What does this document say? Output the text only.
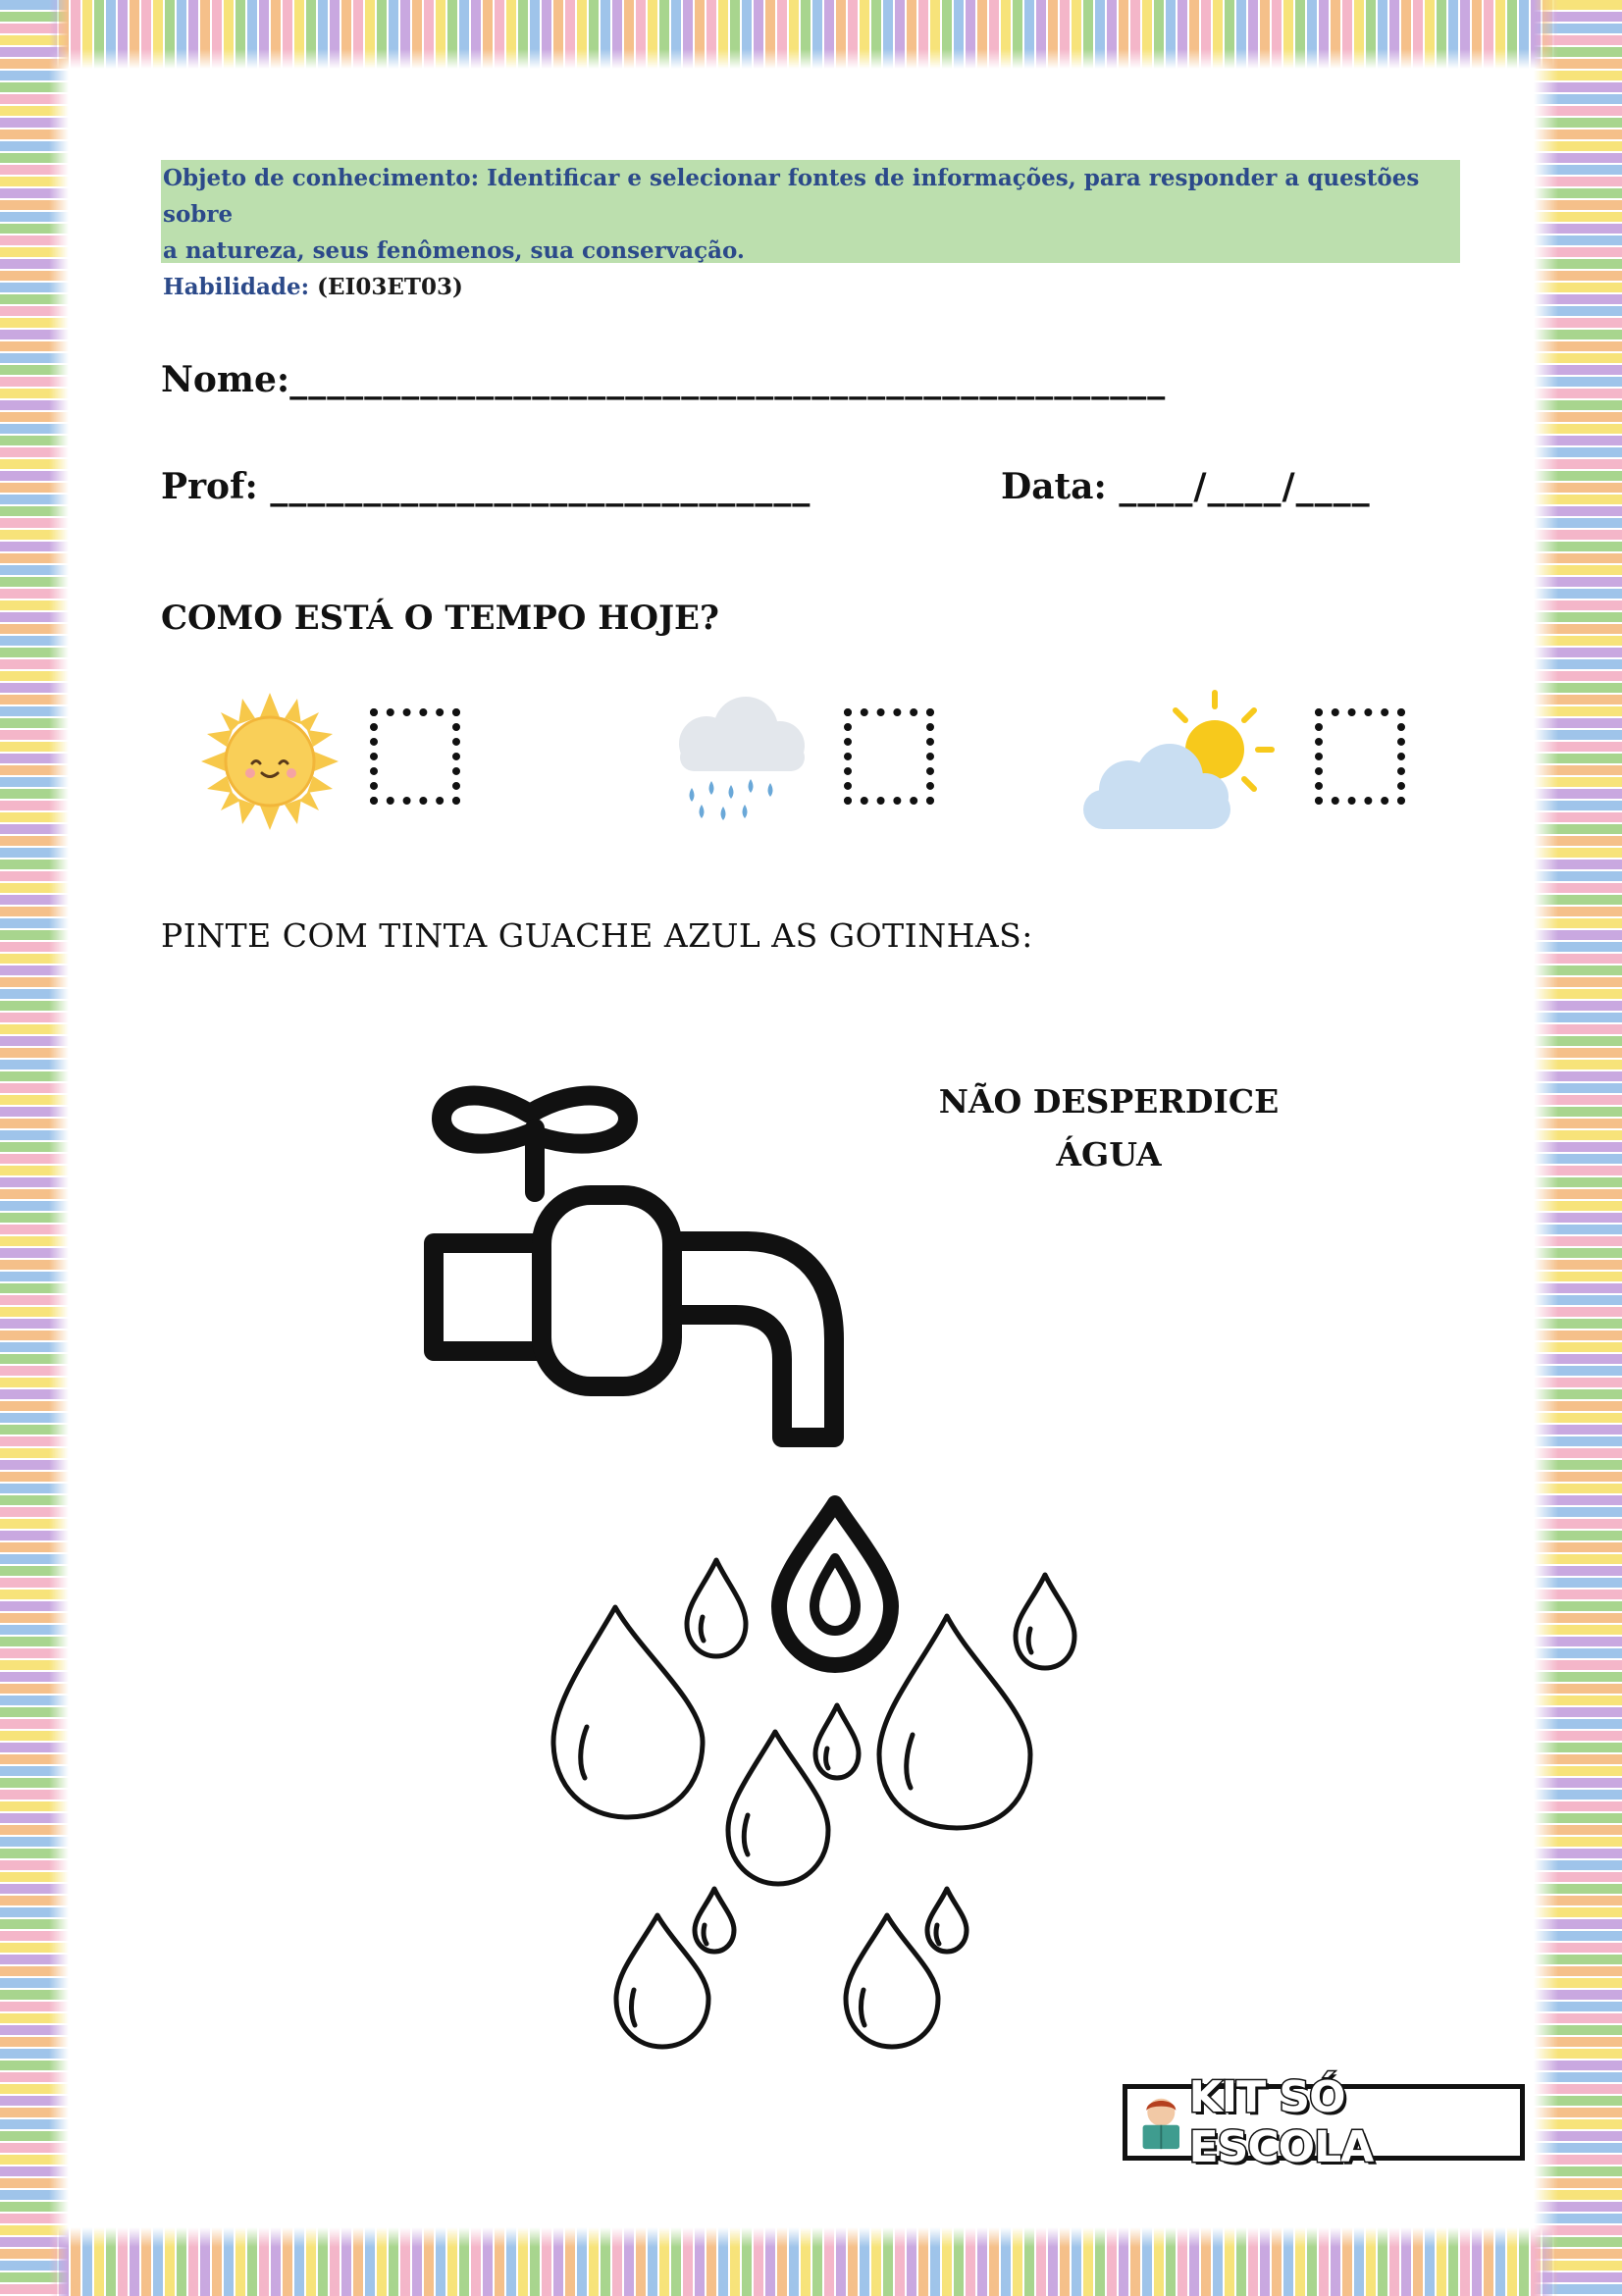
Objeto de conhecimento: Identificar e selecionar fontes de informações, para responder a questões sobre
a natureza, seus fenômenos, sua conservação.
Habilidade: (EI03ET03)
Nome:_______________________________________________
Prof: _____________________________	Data: ____/____/____
COMO ESTÁ O TEMPO HOJE?
PINTE COM TINTA GUACHE AZUL AS GOTINHAS:
NÃO DESPERDICE
ÁGUA
KIT SÓ ESCOLA
